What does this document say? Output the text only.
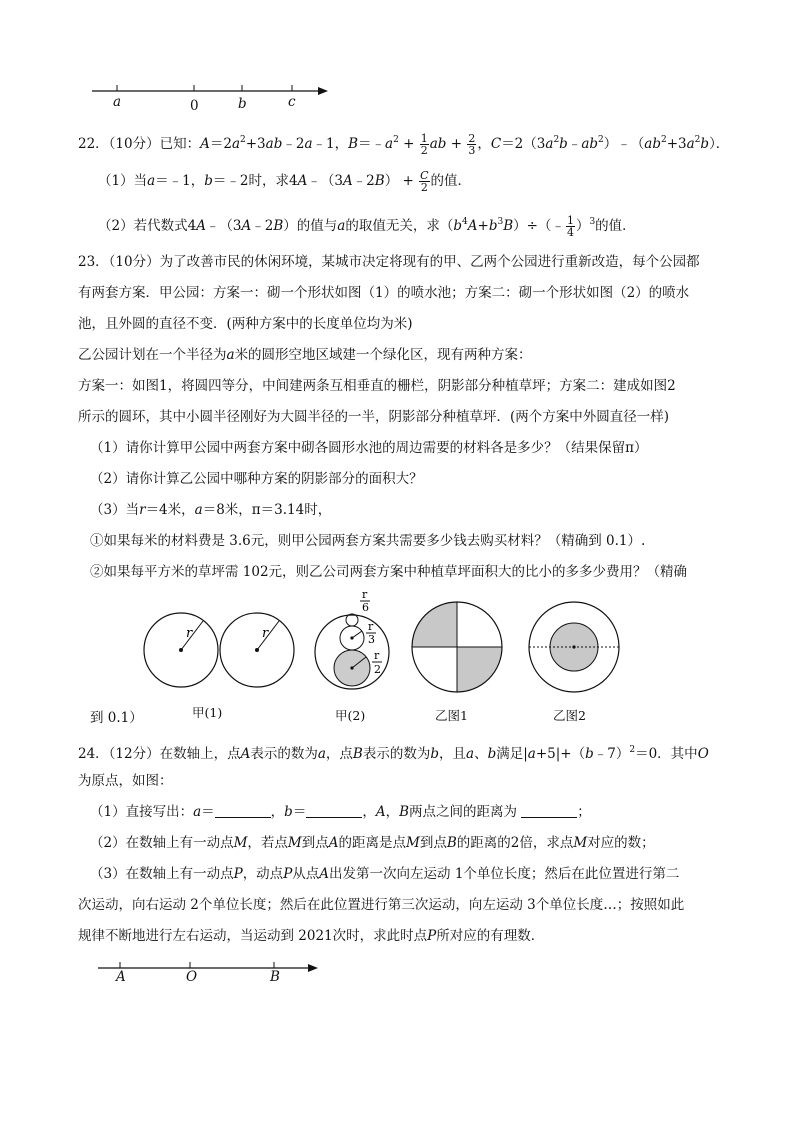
a	0	b	c
22．（10分）已知：$A=2a^2+3ab﹣2a﹣1$，$B=﹣a^2 + \frac{1}{2}$ ab + $\frac{2}{3}$ ，$C=2(3a^2b﹣ab^2)﹣(ab^2+3a^2b)$．
（1）当a＝﹣1，b＝﹣2时，求4A﹣（3A﹣2B） + $\frac{C}{2}$ 的值．
（2）若代数式4A﹣（3A﹣2B）的值与a的取值无关，求$(b^4A+b^3B)\div(﹣ \frac{1}{4} )^3$的值．
23．（10分）为了改善市民的休闲环境，某城市决定将现有的甲、乙两个公园进行重新改造，每个公园都
有两套方案．甲公园：方案一：砌一个形状如图（1）的喷水池；方案二：砌一个形状如图（2）的喷水
池，且外圆的直径不变．(两种方案中的长度单位均为米)
乙公园计划在一个半径为a米的圆形空地区域建一个绿化区，现有两种方案：
方案一：如图1，将圆四等分，中间建两条互相垂直的栅栏，阴影部分种植草坪；方案二：建成如图2
所示的圆环，其中小圆半径刚好为大圆半径的一半，阴影部分种植草坪．(两个方案中外圆直径一样)
（1）请你计算甲公园中两套方案中砌各圆形水池的周边需要的材料各是多少？（结果保留π）
（2）请你计算乙公园中哪种方案的阴影部分的面积大？
（3）当r＝4米，a＝8米，π＝3.14时，
①如果每米的材料费是 3.6元，则甲公园两套方案共需要多少钱去购买材料？（精确到 0.1）.
②如果每平方米的草坪需 102元，则乙公司两套方案中种植草坪面积大的比小的多多少费用？（精确
r	r
r
6
r
3
r
2
甲(1)	甲(2)	乙图1	乙图2
到 0.1）
24．（12分）在数轴上，点A表示的数为a，点B表示的数为b，且a、b满足|a+5|+（b﹣7）$^2$＝0．其中O
为原点，如图：
（1）直接写出：a＝	，b＝	，A，B两点之间的距离为	；
（2）在数轴上有一动点M，若点M到点A的距离是点M到点B的距离的2倍，求点M对应的数；
（3）在数轴上有一动点P，动点P从点A出发第一次向左运动 1个单位长度；然后在此位置进行第二
次运动，向右运动 2个单位长度；然后在此位置进行第三次运动，向左运动 3个单位长度…；按照如此
规律不断地进行左右运动，当运动到 2021次时，求此时点P所对应的有理数．
A	O	B
